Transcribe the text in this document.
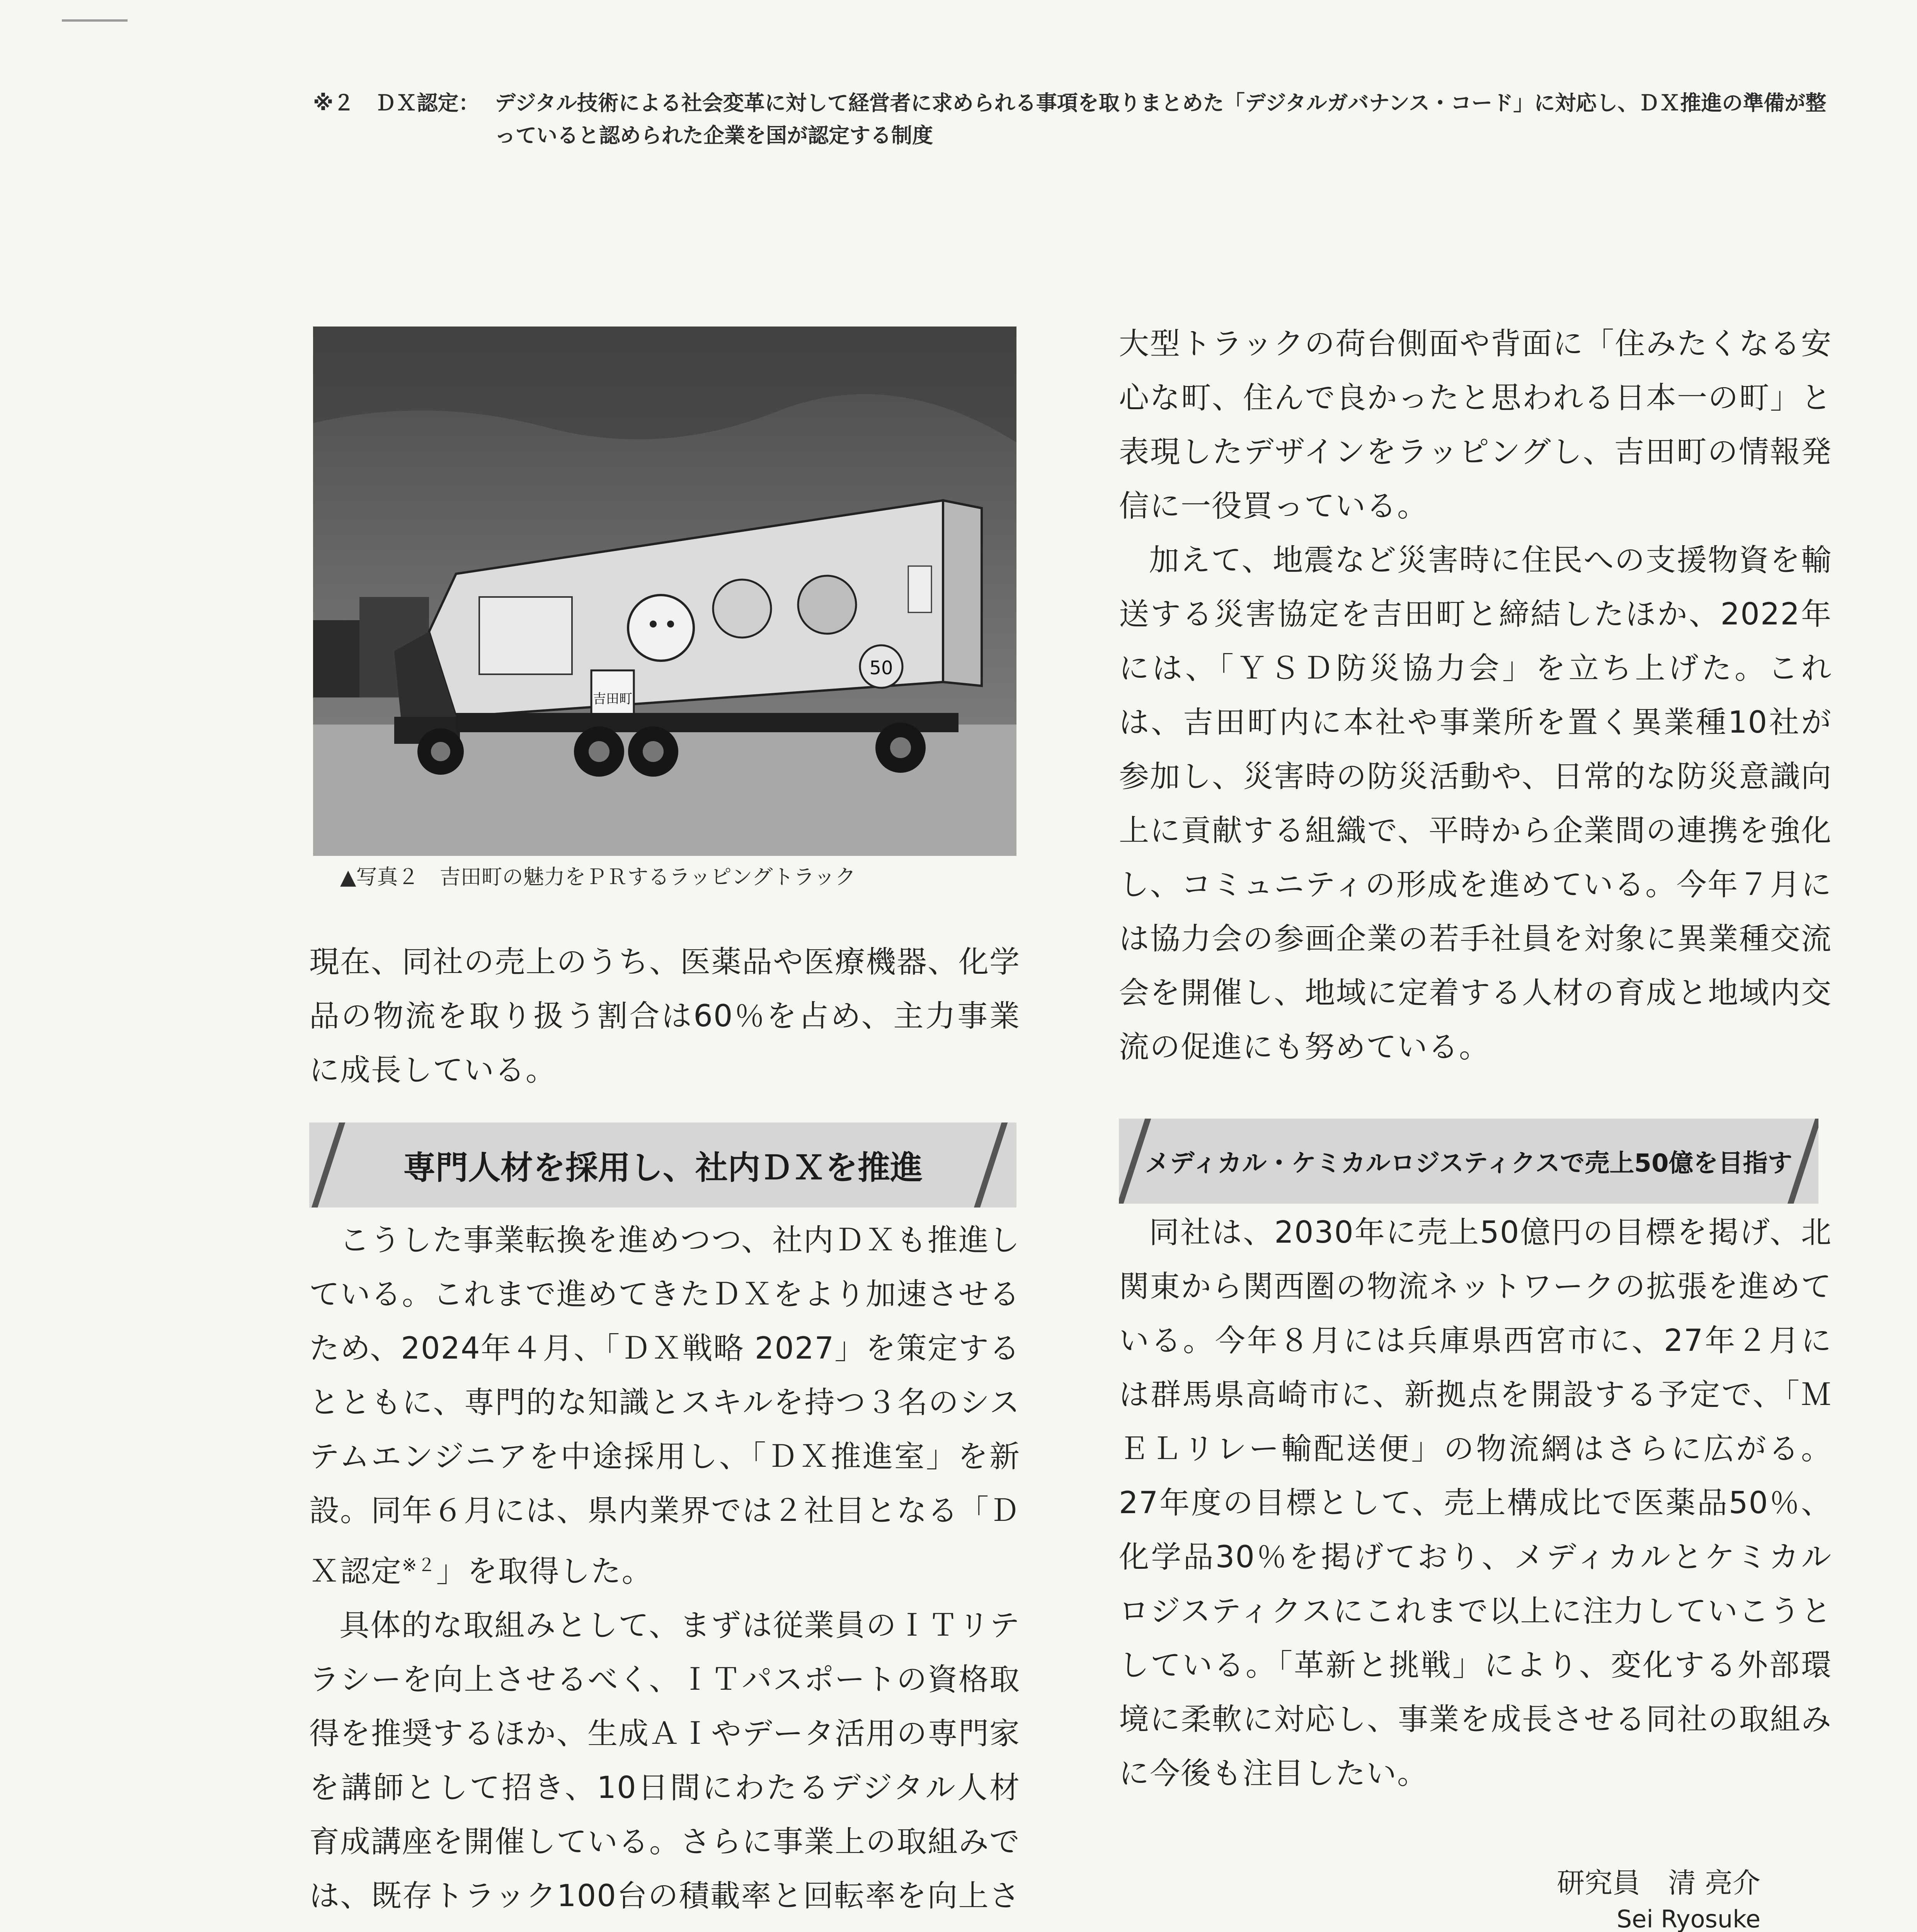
※２　ＤＸ認定： デジタル技術による社会変革に対して経営者に求められる事項を取りまとめた「デジタルガバナンス・コード」に対応し、ＤＸ推進の準備が整っていると認められた企業を国が認定する制度
吉田町
50
▲写真２　吉田町の魅力をＰＲするラッピングトラック

現在、同社の売上のうち、医薬品や医療機器、化学品の物流を取り扱う割合は60％を占め、主力事業に成長している。

専門人材を採用し、社内ＤＸを推進

こうした事業転換を進めつつ、社内ＤＸも推進している。これまで進めてきたＤＸをより加速させるため、2024年４月、「ＤＸ戦略 2027」を策定するとともに、専門的な知識とスキルを持つ３名のシステムエンジニアを中途採用し、「ＤＸ推進室」を新設。同年６月には、県内業界では２社目となる「ＤＸ認定$^{※2}$」を取得した。

具体的な取組みとして、まずは従業員のＩＴリテラシーを向上させるべく、ＩＴパスポートの資格取得を推奨するほか、生成ＡＩやデータ活用の専門家を講師として招き、10日間にわたるデジタル人材育成講座を開催している。さらに事業上の取組みでは、既存トラック100台の積載率と回転率を向上さ

大型トラックの荷台側面や背面に「住みたくなる安心な町、住んで良かったと思われる日本一の町」と表現したデザインをラッピングし、吉田町の情報発信に一役買っている。

加えて、地震など災害時に住民への支援物資を輸送する災害協定を吉田町と締結したほか、2022年には、「ＹＳＤ防災協力会」を立ち上げた。これは、吉田町内に本社や事業所を置く異業種10社が参加し、災害時の防災活動や、日常的な防災意識向上に貢献する組織で、平時から企業間の連携を強化し、コミュニティの形成を進めている。今年７月には協力会の参画企業の若手社員を対象に異業種交流会を開催し、地域に定着する人材の育成と地域内交流の促進にも努めている。

メディカル・ケミカルロジスティクスで売上50億を目指す

同社は、2030年に売上50億円の目標を掲げ、北関東から関西圏の物流ネットワークの拡張を進めている。今年８月には兵庫県西宮市に、27年２月には群馬県高崎市に、新拠点を開設する予定で、「ＭＥＬリレー輸配送便」の物流網はさらに広がる。27年度の目標として、売上構成比で医薬品50％、化学品30％を掲げており、メディカルとケミカルロジスティクスにこれまで以上に注力していこうとしている。「革新と挑戦」により、変化する外部環境に柔軟に対応し、事業を成長させる同社の取組みに今後も注目したい。

研究員　清 亮介
Sei Ryosuke
